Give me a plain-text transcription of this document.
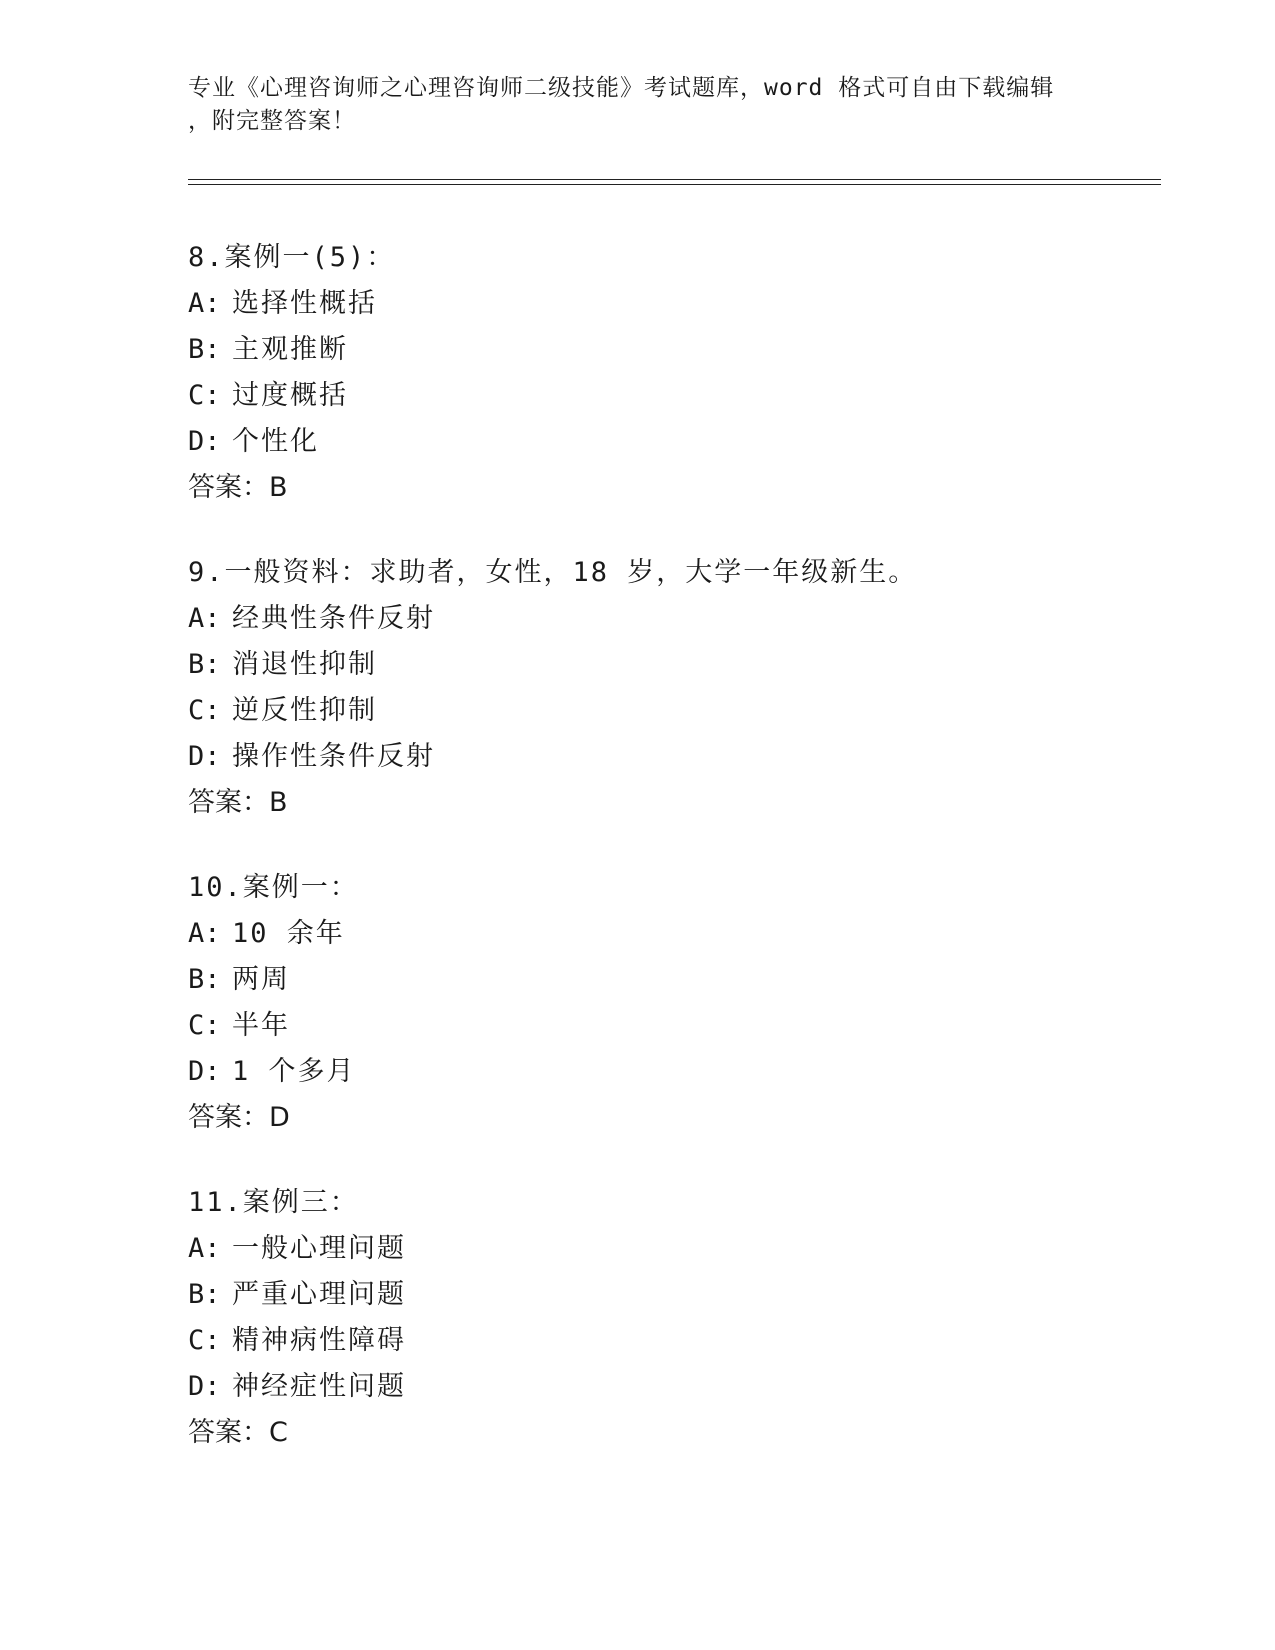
专业《心理咨询师之心理咨询师二级技能》考试题库，word 格式可自由下载编辑
，附完整答案！
8.案例一(5)：
A: 选择性概括
B: 主观推断
C: 过度概括
D: 个性化
答案：B
9.一般资料：求助者，女性，18 岁，大学一年级新生。
A: 经典性条件反射
B: 消退性抑制
C: 逆反性抑制
D: 操作性条件反射
答案：B
10.案例一：
A: 10 余年
B: 两周
C: 半年
D: 1 个多月
答案：D
11.案例三：
A: 一般心理问题
B: 严重心理问题
C: 精神病性障碍
D: 神经症性问题
答案：C
